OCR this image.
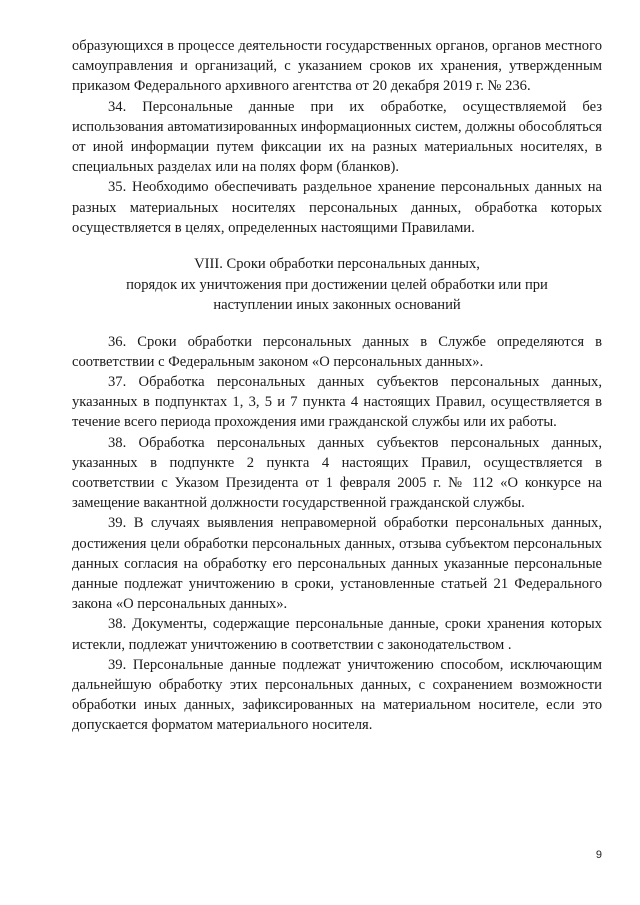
образующихся в процессе деятельности государственных органов, органов местного самоуправления и организаций, с указанием сроков их хранения, утвержденным приказом Федерального архивного агентства от 20 декабря 2019 г. № 236.

34. Персональные данные при их обработке, осуществляемой без использования автоматизированных информационных систем, должны обособляться от иной информации путем фиксации их на разных материальных носителях, в специальных разделах или на полях форм (бланков).

35. Необходимо обеспечивать раздельное хранение персональных данных на разных материальных носителях персональных данных, обработка которых осуществляется в целях, определенных настоящими Правилами.

VIII. Сроки обработки персональных данных,
порядок их уничтожения при достижении целей обработки или при
наступлении иных законных оснований

36. Сроки обработки персональных данных в Службе определяются в соответствии с Федеральным законом «О персональных данных».

37. Обработка персональных данных субъектов персональных данных, указанных в подпунктах 1, 3, 5 и 7 пункта 4 настоящих Правил, осуществляется в течение всего периода прохождения ими гражданской службы или их работы.

38. Обработка персональных данных субъектов персональных данных, указанных в подпункте 2 пункта 4 настоящих Правил, осуществляется в соответствии с Указом Президента от 1 февраля 2005 г. № 112 «О конкурсе на замещение вакантной должности государственной гражданской службы.

39. В случаях выявления неправомерной обработки персональных данных, достижения цели обработки персональных данных, отзыва субъектом персональных данных согласия на обработку его персональных данных указанные персональные данные подлежат уничтожению в сроки, установленные статьей 21 Федерального закона «О персональных данных».

38. Документы, содержащие персональные данные, сроки хранения которых истекли, подлежат уничтожению в соответствии с законодательством .

39. Персональные данные подлежат уничтожению способом, исключающим дальнейшую обработку этих персональных данных, с сохранением возможности обработки иных данных, зафиксированных на материальном носителе, если это допускается форматом материального носителя.

9
